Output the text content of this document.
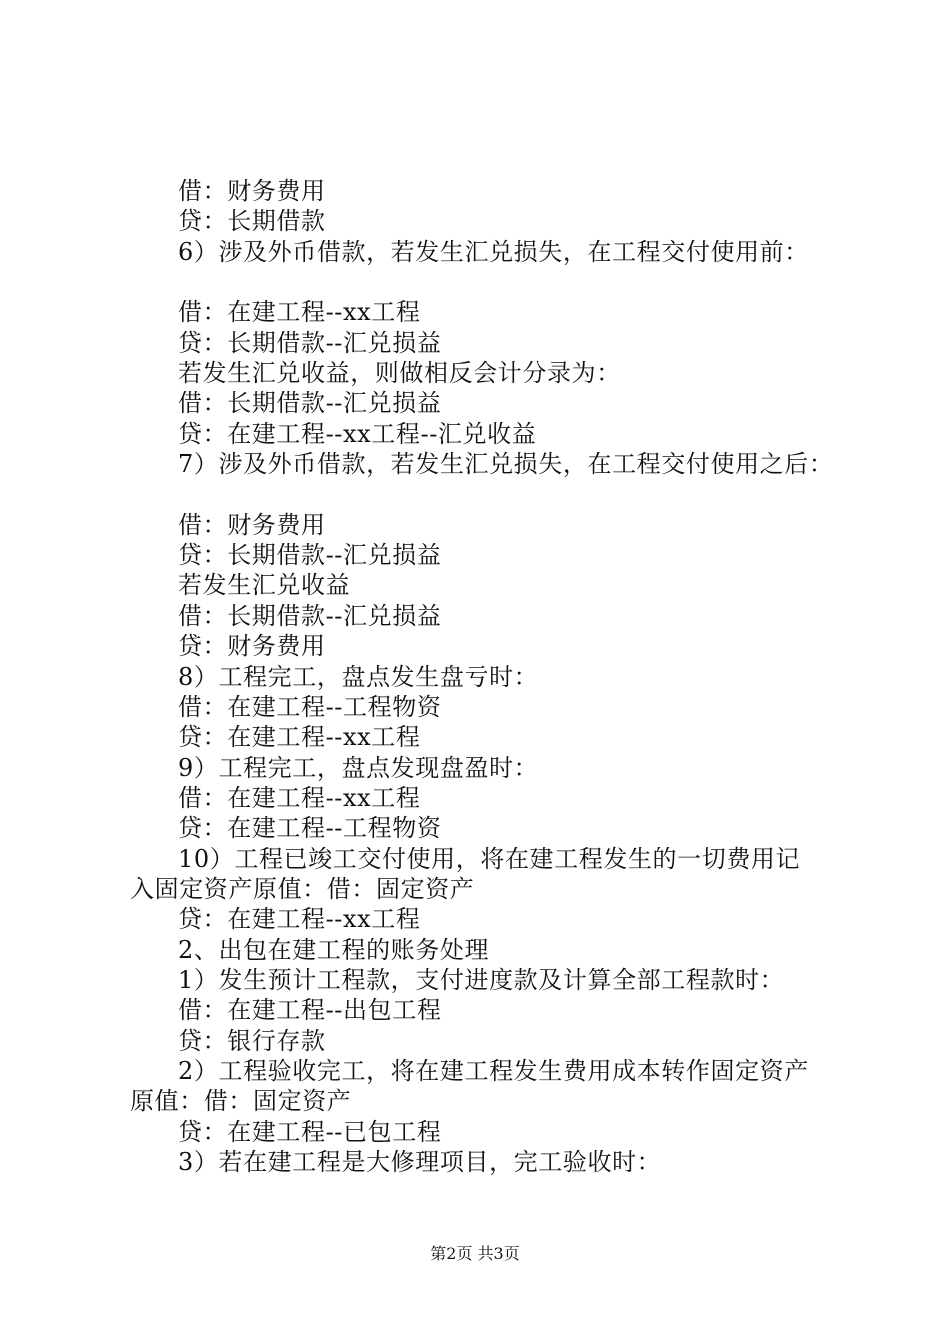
借：财务费用
贷：长期借款
6）涉及外币借款，若发生汇兑损失，在工程交付使用前：
借：在建工程--xx工程
贷：长期借款--汇兑损益
若发生汇兑收益，则做相反会计分录为：
借：长期借款--汇兑损益
贷：在建工程--xx工程--汇兑收益
7）涉及外币借款，若发生汇兑损失，在工程交付使用之后：
借：财务费用
贷：长期借款--汇兑损益
若发生汇兑收益
借：长期借款--汇兑损益
贷：财务费用
8）工程完工，盘点发生盘亏时：
借：在建工程--工程物资
贷：在建工程--xx工程
9）工程完工，盘点发现盘盈时：
借：在建工程--xx工程
贷：在建工程--工程物资
10）工程已竣工交付使用，将在建工程发生的一切费用记
入固定资产原值：借：固定资产
贷：在建工程--xx工程
2、出包在建工程的账务处理
1）发生预计工程款，支付进度款及计算全部工程款时：
借：在建工程--出包工程
贷：银行存款
2）工程验收完工，将在建工程发生费用成本转作固定资产
原值：借：固定资产
贷：在建工程--已包工程
3）若在建工程是大修理项目，完工验收时：
第2页 共3页
